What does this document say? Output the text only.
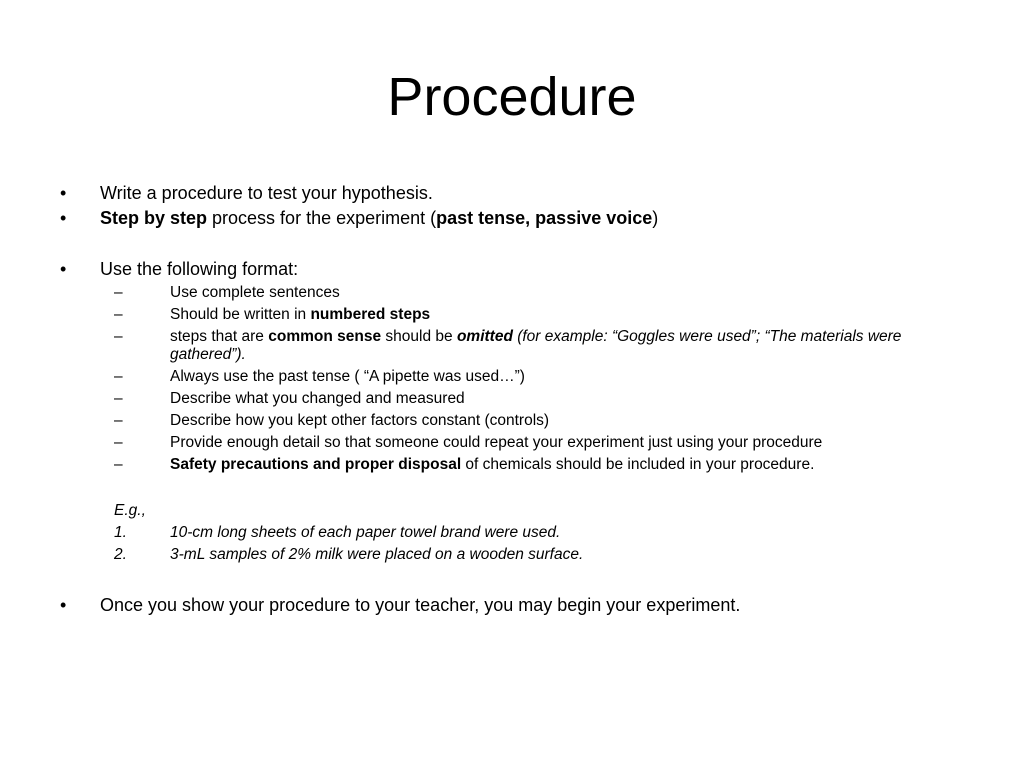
Procedure
•	Write a procedure to test your hypothesis.
•	Step by step process for the experiment (past tense, passive voice)
•	Use the following format:
–	Use complete sentences
–	Should be written in numbered steps
–	steps that are common sense should be omitted (for example: “Goggles were used”; “The materials were gathered”).
–	Always use the past tense ( “A pipette was used…”)
–	Describe what you changed and measured
–	Describe how you kept other factors constant (controls)
–	Provide enough detail so that someone could repeat your experiment just using your procedure
–	Safety precautions and proper disposal of chemicals should be included in your procedure.
E.g.,
1.	10-cm long sheets of each paper towel brand were used.
2.	3-mL samples of 2% milk were placed on a wooden surface.
•	Once you show your procedure to your teacher, you may begin your experiment.
